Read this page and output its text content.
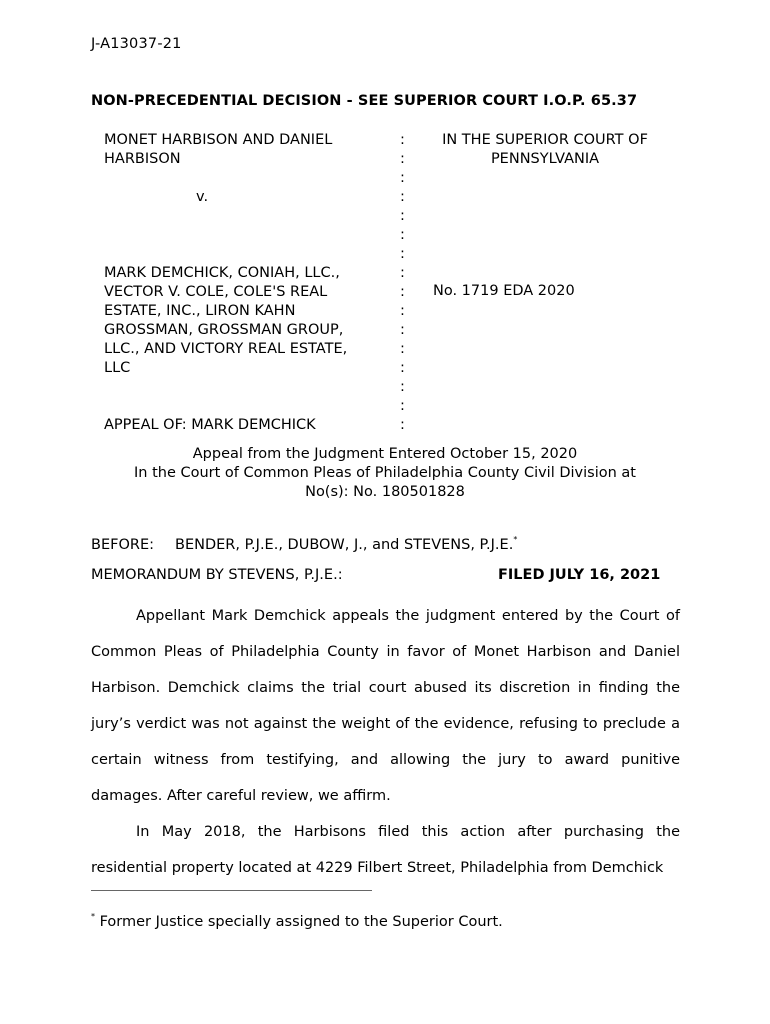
J-A13037-21
NON-PRECEDENTIAL DECISION - SEE SUPERIOR COURT I.O.P. 65.37
MONET HARBISON AND DANIEL
HARBISON

v.

MARK DEMCHICK, CONIAH, LLC.,
VECTOR V. COLE, COLE'S REAL
ESTATE, INC., LIRON KAHN
GROSSMAN, GROSSMAN GROUP,
LLC., AND VICTORY REAL ESTATE,
LLC

APPEAL OF: MARK DEMCHICK
:
:
:
:
:
:
:
:
:
:
:
:
:
:
:
:
IN THE SUPERIOR COURT OF
PENNSYLVANIA
No. 1719 EDA 2020
Appeal from the Judgment Entered October 15, 2020
In the Court of Common Pleas of Philadelphia County Civil Division at
No(s): No. 180501828
BEFORE: BENDER, P.J.E., DUBOW, J., and STEVENS, P.J.E.*
MEMORANDUM BY STEVENS, P.J.E.:	FILED JULY 16, 2021

Appellant Mark Demchick appeals the judgment entered by the Court of Common Pleas of Philadelphia County in favor of Monet Harbison and Daniel Harbison. Demchick claims the trial court abused its discretion in finding the jury’s verdict was not against the weight of the evidence, refusing to preclude a certain witness from testifying, and allowing the jury to award punitive damages. After careful review, we affirm.

In May 2018, the Harbisons filed this action after purchasing the residential property located at 4229 Filbert Street, Philadelphia from Demchick

* Former Justice specially assigned to the Superior Court.
